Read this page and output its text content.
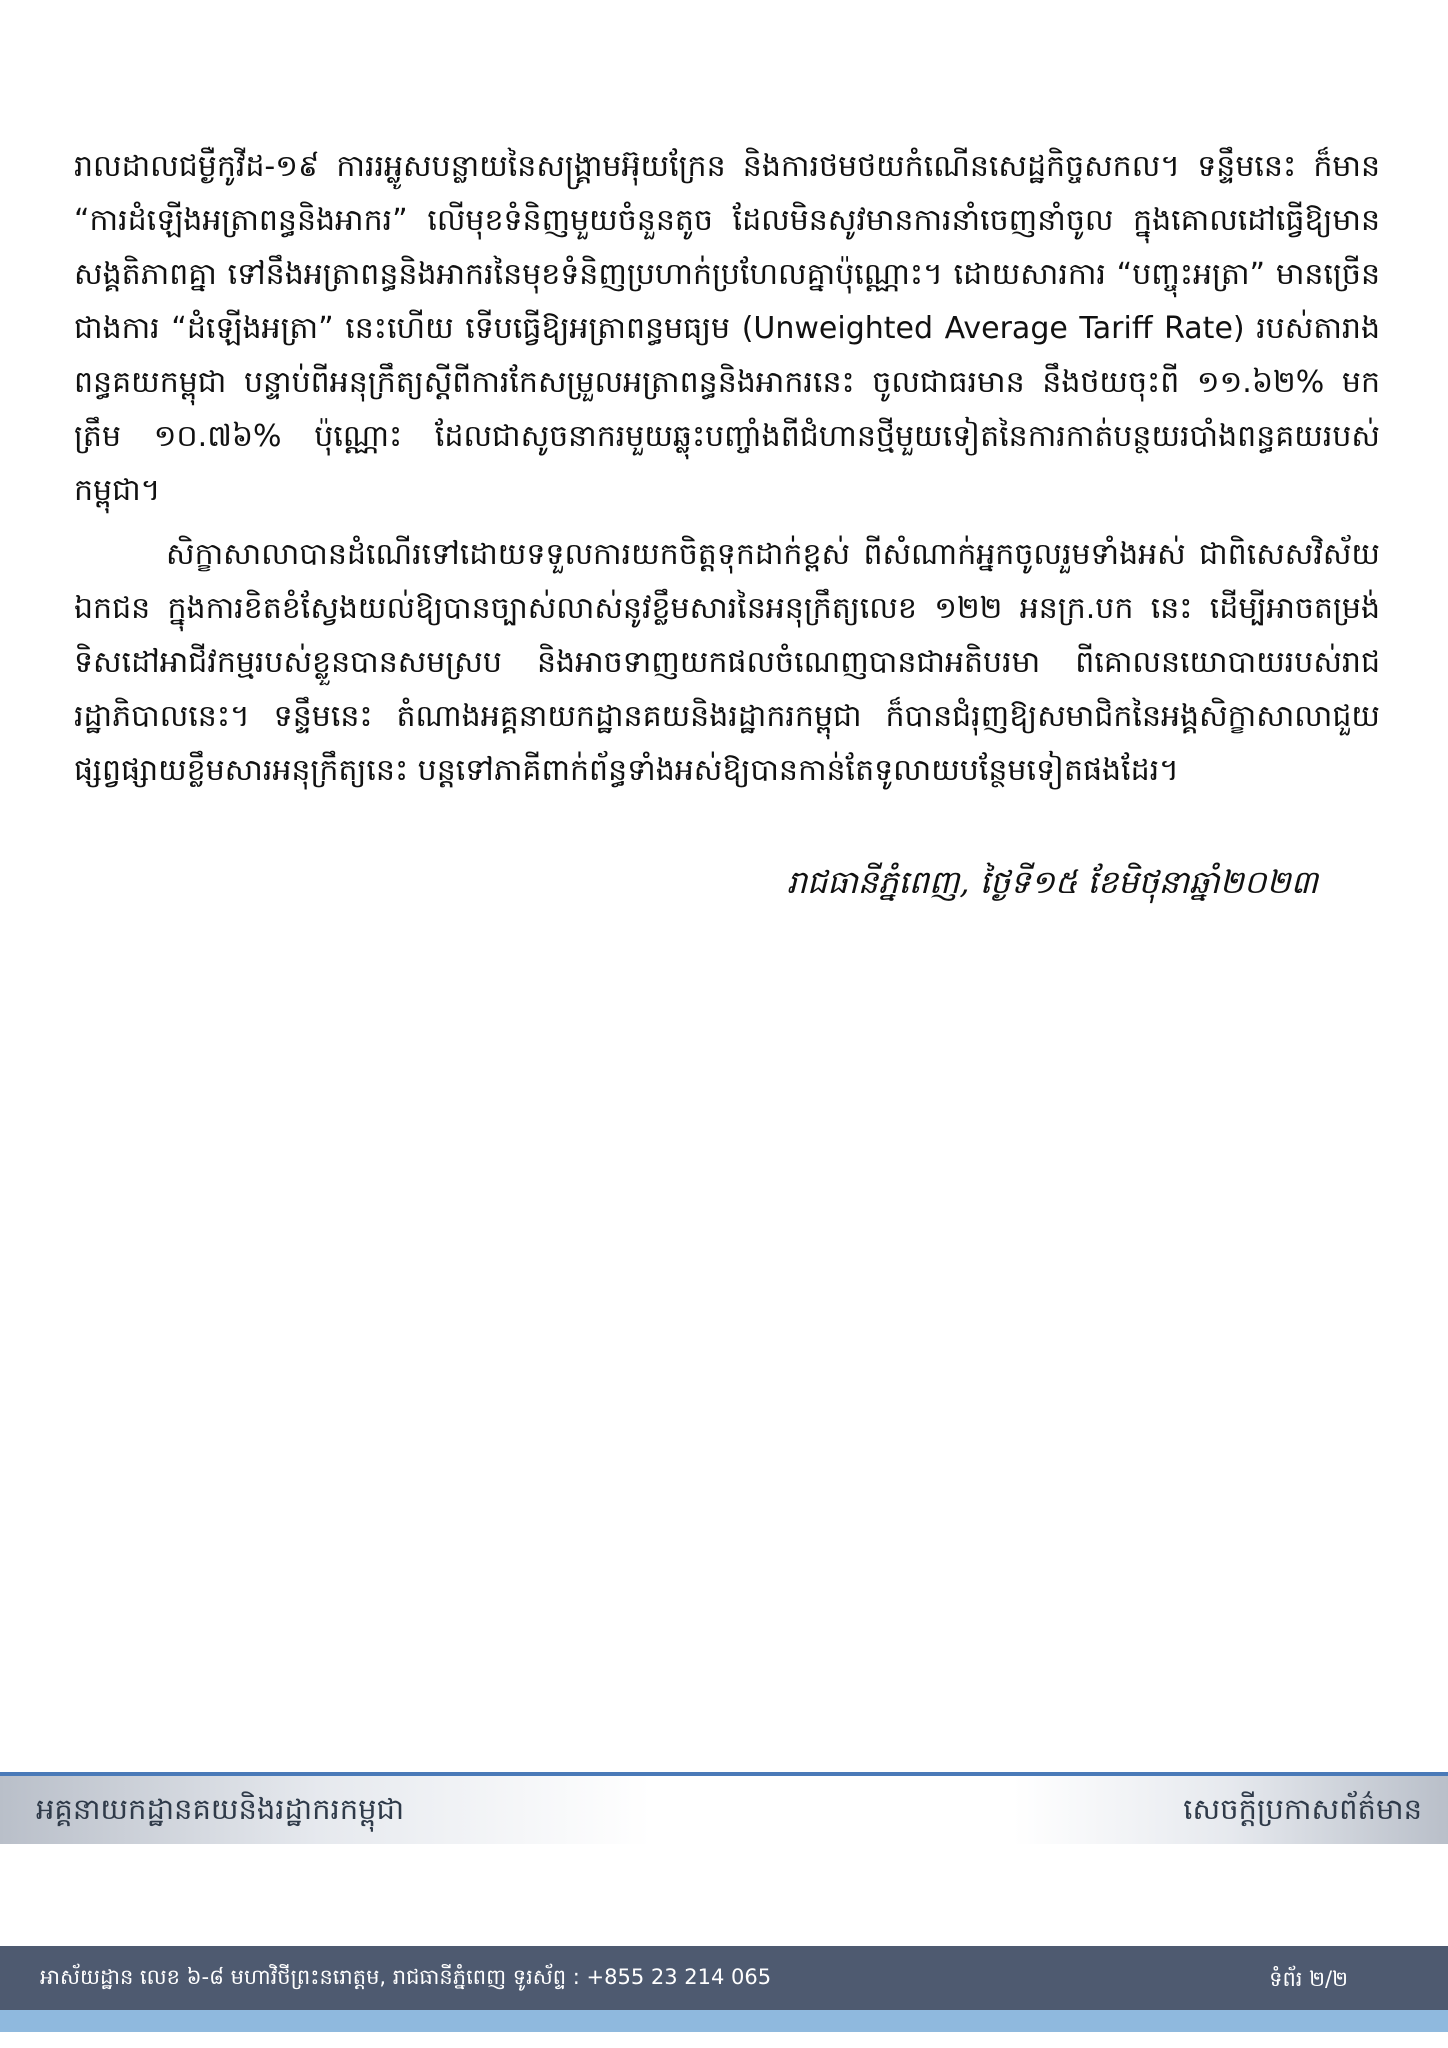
រាលដាលជម្ងឺកូវីដ-១៩ ការរអ្លូសបន្លាយនៃសង្គ្រាមអ៊ុយក្រែន និងការថមថយកំណើនសេដ្ឋកិច្ចសកល។ ទន្ទឹមនេះ ក៏មាន “ការដំឡើងអត្រាពន្ធនិងអាករ” លើមុខទំនិញមួយចំនួនតូច ដែលមិនសូវមានការនាំចេញនាំចូល ក្នុងគោលដៅធ្វើឱ្យមានសង្គតិភាពគ្នា ទៅនឹងអត្រាពន្ធនិងអាករនៃមុខទំនិញប្រហាក់ប្រហែលគ្នាប៉ុណ្ណោះ។ ដោយសារការ “បញ្ចុះអត្រា” មានច្រើនជាងការ “ដំឡើងអត្រា” នេះហើយ ទើបធ្វើឱ្យអត្រាពន្ធមធ្យម (Unweighted Average Tariff Rate) របស់តារាងពន្ធគយកម្ពុជា បន្ទាប់ពីអនុក្រឹត្យស្តីពីការកែសម្រួលអត្រាពន្ធនិងអាករនេះ ចូលជាធរមាន នឹងថយចុះពី ១១.៦២% មកត្រឹម ១០.៧៦% ប៉ុណ្ណោះ ដែលជាសូចនាករមួយឆ្លុះបញ្ចាំងពីជំហានថ្មីមួយទៀតនៃការកាត់បន្ថយរបាំងពន្ធគយរបស់កម្ពុជា។

សិក្ខាសាលាបានដំណើរទៅដោយទទួលការយកចិត្តទុកដាក់ខ្ពស់ ពីសំណាក់អ្នកចូលរួមទាំងអស់ ជាពិសេសវិស័យឯកជន ក្នុងការខិតខំស្វែងយល់ឱ្យបានច្បាស់លាស់នូវខ្លឹមសារនៃអនុក្រឹត្យលេខ ១២២ អនក្រ.បក នេះ ដើម្បីអាចតម្រង់ទិសដៅអាជីវកម្មរបស់ខ្លួនបានសមស្រប និងអាចទាញយកផលចំណេញបានជាអតិបរមា ពីគោលនយោបាយរបស់រាជរដ្ឋាភិបាលនេះ។ ទន្ទឹមនេះ តំណាងអគ្គនាយកដ្ឋានគយនិងរដ្ឋាករកម្ពុជា ក៏បានជំរុញឱ្យសមាជិកនៃអង្គសិក្ខាសាលាជួយផ្សព្វផ្សាយខ្លឹមសារអនុក្រឹត្យនេះ បន្តទៅភាគីពាក់ព័ន្ធទាំងអស់ឱ្យបានកាន់តែទូលាយបន្ថែមទៀតផងដែរ។

រាជធានីភ្នំពេញ, ថ្ងៃទី១៥ ខែមិថុនាឆ្នាំ២០២៣
អគ្គនាយកដ្ឋានគយនិងរដ្ឋាករកម្ពុជា	សេចក្ដីប្រកាសព័ត៌មាន
អាស័យដ្ឋាន លេខ ៦-៨ មហាវិថីព្រះនរោត្តម, រាជធានីភ្នំពេញ ទូរស័ព្ទ : +855 23 214 065	ទំព័រ ២/២
